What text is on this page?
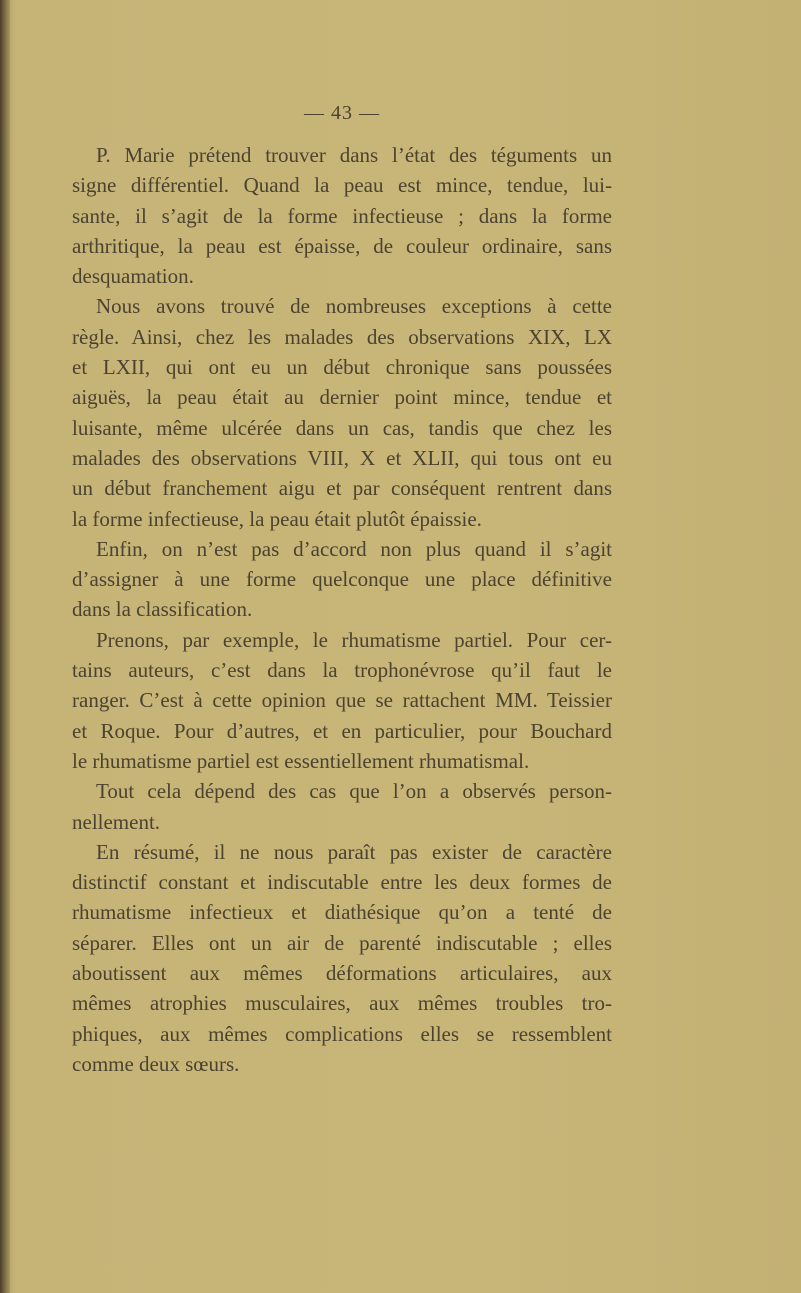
— 43 —
P. Marie prétend trouver dans l’état des téguments un
signe différentiel. Quand la peau est mince, tendue, lui-
sante, il s’agit de la forme infectieuse ; dans la forme
arthritique, la peau est épaisse, de couleur ordinaire, sans
desquamation.
Nous avons trouvé de nombreuses exceptions à cette
règle. Ainsi, chez les malades des observations XIX, LX
et LXII, qui ont eu un début chronique sans poussées
aiguës, la peau était au dernier point mince, tendue et
luisante, même ulcérée dans un cas, tandis que chez les
malades des observations VIII, X et XLII, qui tous ont eu
un début franchement aigu et par conséquent rentrent dans
la forme infectieuse, la peau était plutôt épaissie.
Enfin, on n’est pas d’accord non plus quand il s’agit
d’assigner à une forme quelconque une place définitive
dans la classification.
Prenons, par exemple, le rhumatisme partiel. Pour cer-
tains auteurs, c’est dans la trophonévrose qu’il faut le
ranger. C’est à cette opinion que se rattachent MM. Teissier
et Roque. Pour d’autres, et en particulier, pour Bouchard
le rhumatisme partiel est essentiellement rhumatismal.
Tout cela dépend des cas que l’on a observés person-
nellement.
En résumé, il ne nous paraît pas exister de caractère
distinctif constant et indiscutable entre les deux formes de
rhumatisme infectieux et diathésique qu’on a tenté de
séparer. Elles ont un air de parenté indiscutable ; elles
aboutissent aux mêmes déformations articulaires, aux
mêmes atrophies musculaires, aux mêmes troubles tro-
phiques, aux mêmes complications elles se ressemblent
comme deux sœurs.
